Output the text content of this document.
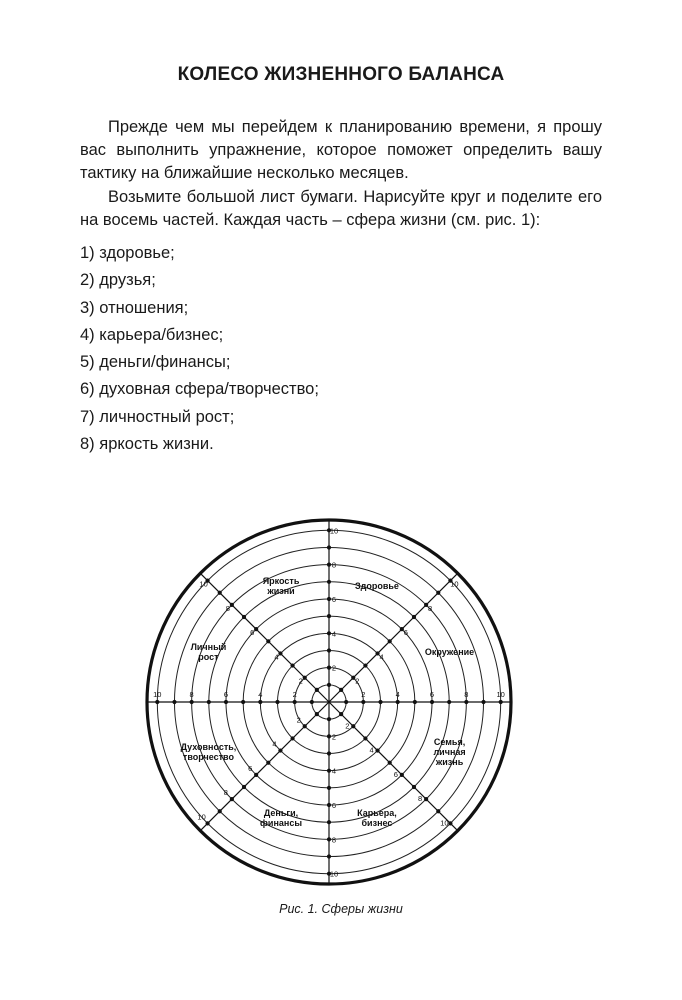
КОЛЕСО ЖИЗНЕННОГО БАЛАНСА
Прежде чем мы перейдем к планированию времени, я прошу вас выполнить упражнение, которое поможет определить вашу тактику на ближайшие несколько месяцев.
Возьмите большой лист бумаги. Нарисуйте круг и поделите его на восемь частей. Каждая часть – сфера жизни (см. рис. 1):
1) здоровье;
2) друзья;
3) отношения;
4) карьера/бизнес;
5) деньги/финансы;
6) духовная сфера/творчество;
7) личностный рост;
8) яркость жизни.
2
4
6
8
10
2
4
6
8
10
2	4	6	8	10
2
4
6
8
10
2
4
6
8
10
2
4
6
8
10
2
4
6
8
10
2
4
6
8
10
Здоровье
Окружение
Семья,
личная
жизнь
Карьера,
бизнес
Деньги,
финансы
Духовность,
творчество
Личный
рост
Яркость
жизни
Рис. 1. Сферы жизни
